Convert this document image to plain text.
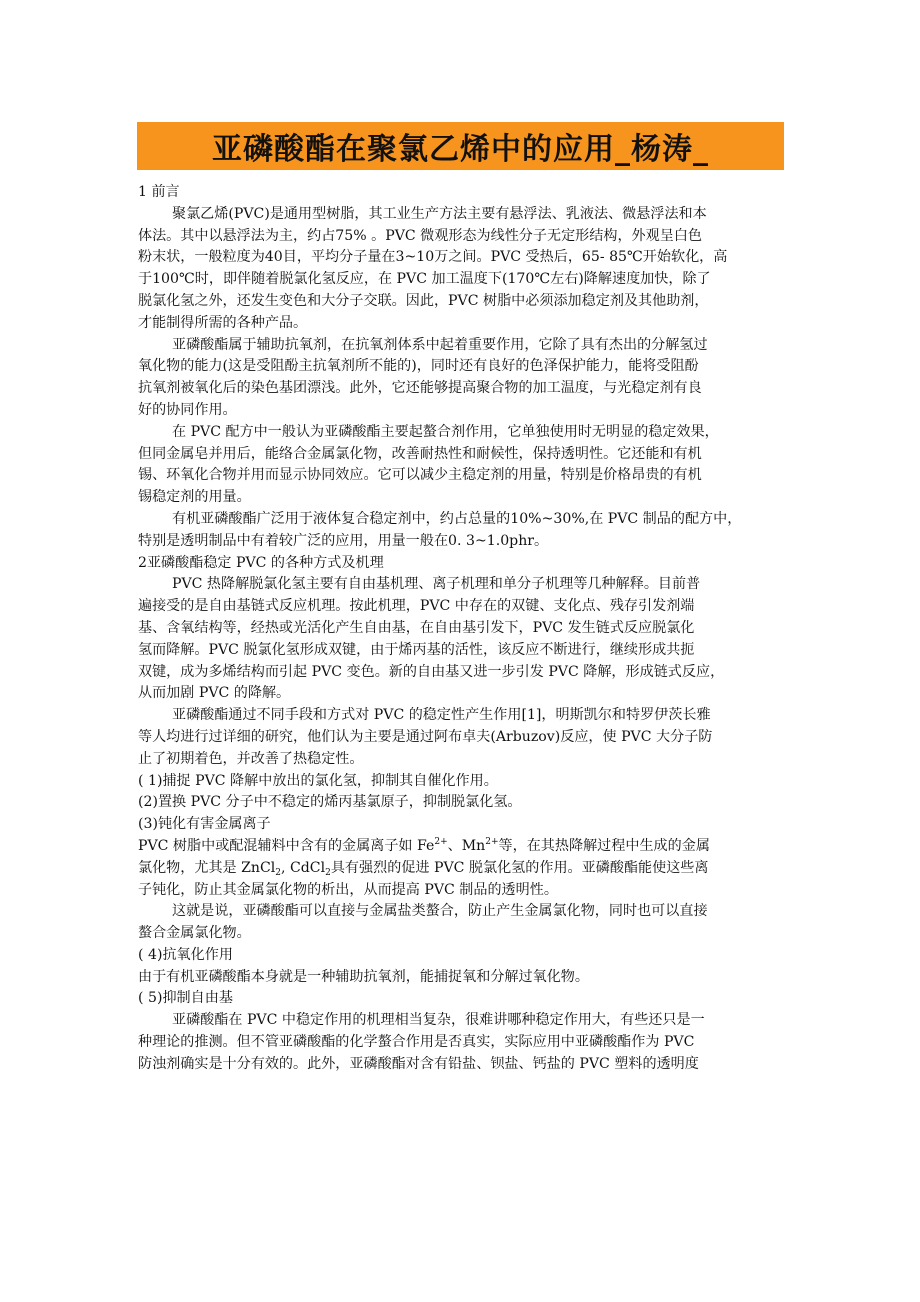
亚磷酸酯在聚氯乙烯中的应用_杨涛_
1 前言
聚氯乙烯(PVC)是通用型树脂，其工业生产方法主要有悬浮法、乳液法、微悬浮法和本
体法。其中以悬浮法为主，约占75% 。PVC 微观形态为线性分子无定形结构，外观呈白色
粉末状，一般粒度为40目，平均分子量在3~10万之间。PVC 受热后，65- 85℃开始软化，高
于100℃时，即伴随着脱氯化氢反应，在 PVC 加工温度下(170℃左右)降解速度加快，除了
脱氯化氢之外，还发生变色和大分子交联。因此，PVC 树脂中必须添加稳定剂及其他助剂，
才能制得所需的各种产品。
亚磷酸酯属于辅助抗氧剂，在抗氧剂体系中起着重要作用，它除了具有杰出的分解氢过
氧化物的能力(这是受阻酚主抗氧剂所不能的)，同时还有良好的色泽保护能力，能将受阻酚
抗氧剂被氧化后的染色基团漂浅。此外，它还能够提高聚合物的加工温度，与光稳定剂有良
好的协同作用。
在 PVC 配方中一般认为亚磷酸酯主要起螯合剂作用，它单独使用时无明显的稳定效果，
但同金属皂并用后，能络合金属氯化物，改善耐热性和耐候性，保持透明性。它还能和有机
锡、环氧化合物并用而显示协同效应。它可以减少主稳定剂的用量，特别是价格昂贵的有机
锡稳定剂的用量。
有机亚磷酸酯广泛用于液体复合稳定剂中，约占总量的10%~30%,在 PVC 制品的配方中，
特别是透明制品中有着较广泛的应用，用量一般在0. 3~1.0phr。
2亚磷酸酯稳定 PVC 的各种方式及机理
PVC 热降解脱氯化氢主要有自由基机理、离子机理和单分子机理等几种解释。目前普
遍接受的是自由基链式反应机理。按此机理，PVC 中存在的双键、支化点、残存引发剂端
基、含氧结构等，经热或光活化产生自由基，在自由基引发下，PVC 发生链式反应脱氯化
氢而降解。PVC 脱氯化氢形成双键，由于烯丙基的活性，该反应不断进行，继续形成共扼
双键，成为多烯结构而引起 PVC 变色。新的自由基又进一步引发 PVC 降解，形成链式反应，
从而加剧 PVC 的降解。
亚磷酸酯通过不同手段和方式对 PVC 的稳定性产生作用[1]，明斯凯尔和特罗伊茨长雅
等人均进行过详细的研究，他们认为主要是通过阿布卓夫(Arbuzov)反应，使 PVC 大分子防
止了初期着色，并改善了热稳定性。
( 1)捕捉 PVC 降解中放出的氯化氢，抑制其自催化作用。
(2)置换 PVC 分子中不稳定的烯丙基氯原子，抑制脱氯化氢。
(3)钝化有害金属离子
PVC 树脂中或配混辅料中含有的金属离子如 $Fe^{2+}$、$Mn^{2+}$等，在其热降解过程中生成的金属
氯化物，尤其是 ZnCl$_2$, CdCl$_2$具有强烈的促进 PVC 脱氯化氢的作用。亚磷酸酯能使这些离
子钝化，防止其金属氯化物的析出，从而提高 PVC 制品的透明性。
这就是说，亚磷酸酯可以直接与金属盐类螯合，防止产生金属氯化物，同时也可以直接
螯合金属氯化物。
( 4)抗氧化作用
由于有机亚磷酸酯本身就是一种辅助抗氧剂，能捕捉氧和分解过氧化物。
( 5)抑制自由基
亚磷酸酯在 PVC 中稳定作用的机理相当复杂，很难讲哪种稳定作用大，有些还只是一
种理论的推测。但不管亚磷酸酯的化学螯合作用是否真实，实际应用中亚磷酸酯作为 PVC
防浊剂确实是十分有效的。此外，亚磷酸酯对含有铅盐、钡盐、钙盐的 PVC 塑料的透明度
